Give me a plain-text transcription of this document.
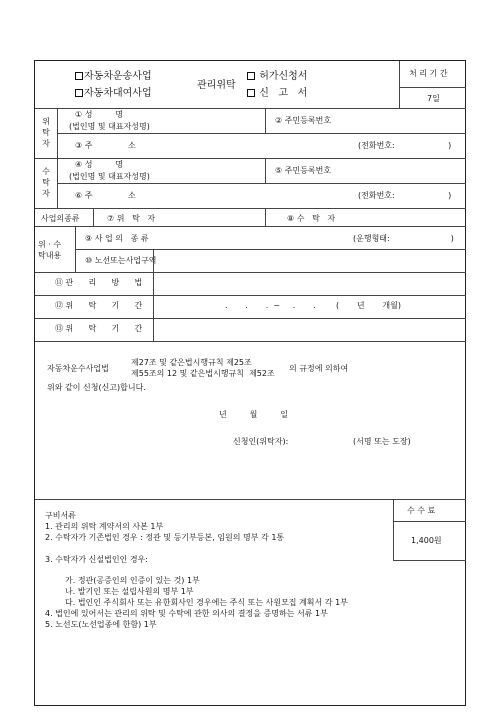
자동차운송사업
자동차대여사업
관리위탁
허가신청서
신   고   서
처 리 기 간
7일
위
탁
자
① 성         명
(법인명 및 대표자성명)
② 주민등록번호
③ 주              소	(전화번호:                     )
수
탁
자
④ 성         명
(법인명 및 대표자성명)
⑤ 주민등록번호
⑥ 주              소	(전화번호:                     )
사업의종류	⑦ 위   탁   자	⑧ 수   탁   자
위 · 수
탁내용
⑨ 사 업 의   종 류	(운행형태:                        )
⑩ 노선또는사업구역
⑪ 관      리      방      법
⑫ 위      탁      기      간	.       .       .  ~     .       .        (       년       개월)
⑬ 위      탁      기      간
자동차운수사업법
제27조 및 같은법시행규칙 제25조
제55조의 12 및 같은법시행규칙  제52조
의 규정에 의하여
위와 같이 신청(신고)합니다.
년         월         일
신청인(위탁자):	(서명 또는 도장)
수 수 료
1,400원
구비서류
1. 관리의 위탁 계약서의 사본 1부
2. 수탁자가 기존법인 경우 : 정관 및 등기부등본, 임원의 명부 각 1통
3. 수탁자가 신설법인인 경우:
가. 정관(공증인의 인증이 있는 것) 1부
나. 발기인 또는 설립사원의 명부 1부
다. 법인인 주식회사 또는 유한회사인 경우에는 주식 또는 사원모집 계획서 각 1부
4. 법인에 있어서는 관리의 위탁 및 수탁에 관한 의사의 결정을 증명하는 서류 1부
5. 노선도(노선업종에 한함) 1부
